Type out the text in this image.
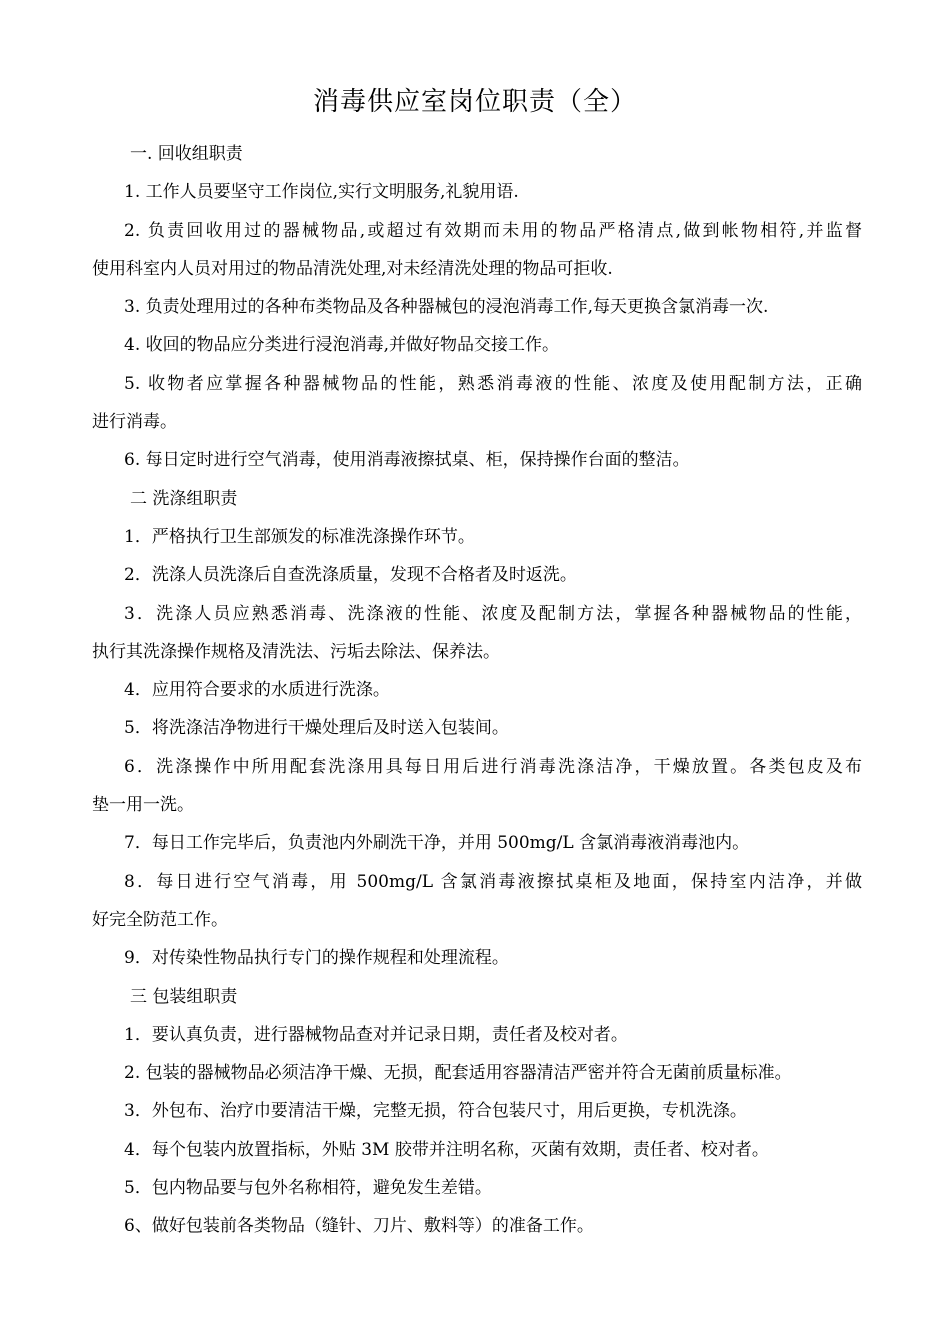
消毒供应室岗位职责（全）
一. 回收组职责
1. 工作人员要坚守工作岗位,实行文明服务,礼貌用语.
2. 负责回收用过的器械物品,或超过有效期而未用的物品严格清点,做到帐物相符,并监督
使用科室内人员对用过的物品清洗处理,对未经清洗处理的物品可拒收.
3. 负责处理用过的各种布类物品及各种器械包的浸泡消毒工作,每天更换含氯消毒一次.
4. 收回的物品应分类进行浸泡消毒,并做好物品交接工作。
5. 收物者应掌握各种器械物品的性能，熟悉消毒液的性能、浓度及使用配制方法，正确
进行消毒。
6. 每日定时进行空气消毒，使用消毒液擦拭桌、柜，保持操作台面的整洁。
二 洗涤组职责
1．严格执行卫生部颁发的标准洗涤操作环节。
2．洗涤人员洗涤后自查洗涤质量，发现不合格者及时返洗。
3．洗涤人员应熟悉消毒、洗涤液的性能、浓度及配制方法，掌握各种器械物品的性能，
执行其洗涤操作规格及清洗法、污垢去除法、保养法。
4．应用符合要求的水质进行洗涤。
5．将洗涤洁净物进行干燥处理后及时送入包装间。
6．洗涤操作中所用配套洗涤用具每日用后进行消毒洗涤洁净，干燥放置。各类包皮及布
垫一用一洗。
7．每日工作完毕后，负责池内外刷洗干净，并用 500mg/L 含氯消毒液消毒池内。
8．每日进行空气消毒，用 500mg/L 含氯消毒液擦拭桌柜及地面，保持室内洁净，并做
好完全防范工作。
9．对传染性物品执行专门的操作规程和处理流程。
三 包装组职责
1．要认真负责，进行器械物品查对并记录日期，责任者及校对者。
2. 包装的器械物品必须洁净干燥、无损，配套适用容器清洁严密并符合无菌前质量标准。
3．外包布、治疗巾要清洁干燥，完整无损，符合包装尺寸，用后更换，专机洗涤。
4．每个包装内放置指标，外贴 3M 胶带并注明名称，灭菌有效期，责任者、校对者。
5．包内物品要与包外名称相符，避免发生差错。
6、做好包装前各类物品（缝针、刀片、敷料等）的准备工作。
